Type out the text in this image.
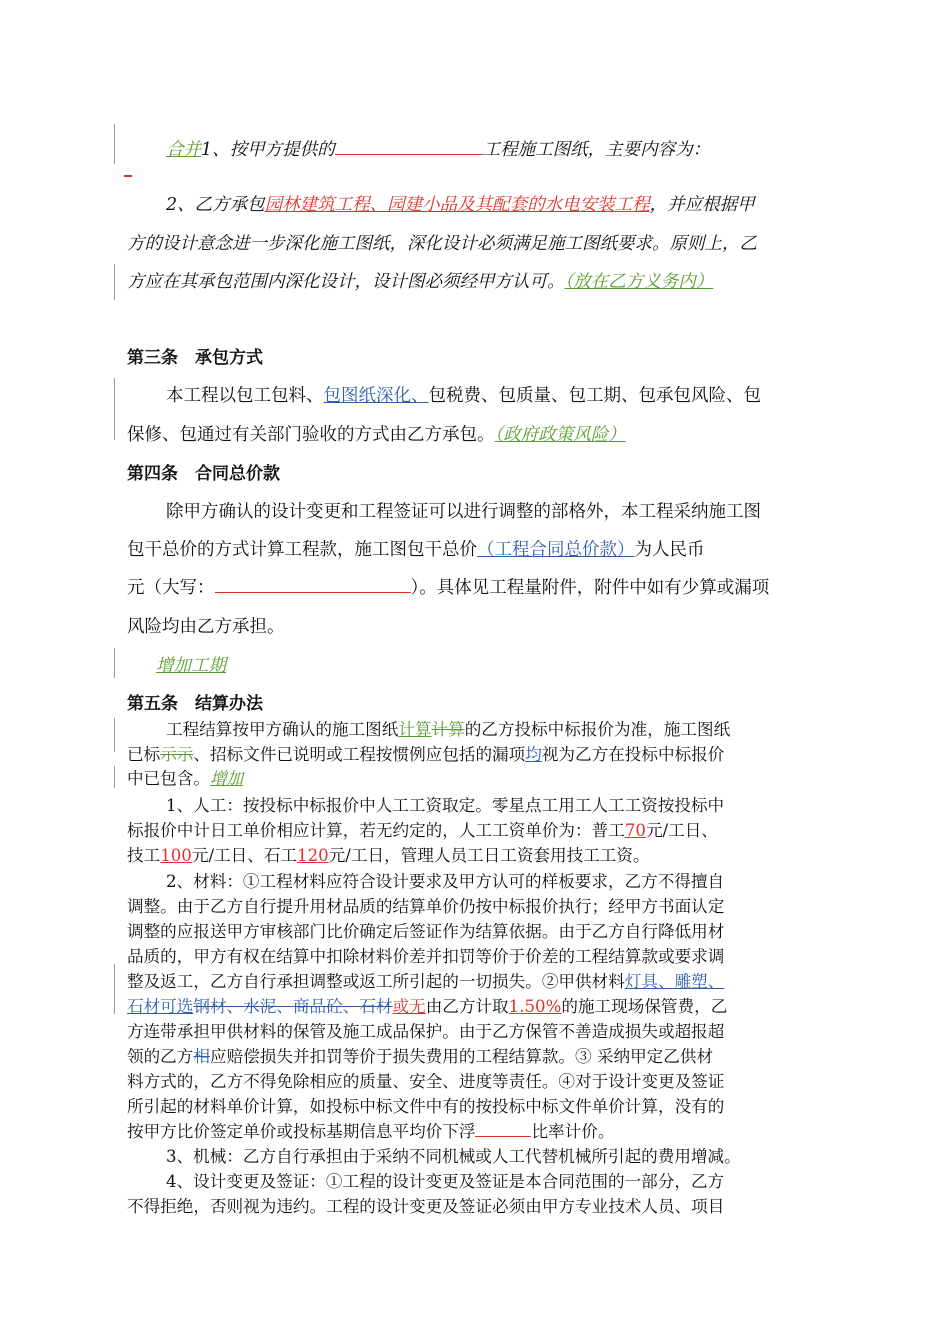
合并1、按甲方提供的	工程施工图纸，主要内容为：
2、乙方承包园林建筑工程、园建小品及其配套的水电安装工程，并应根据甲
方的设计意念进一步深化施工图纸，深化设计必须满足施工图纸要求。原则上，乙
方应在其承包范围内深化设计，设计图必须经甲方认可。（放在乙方义务内）
第三条　承包方式
本工程以包工包料、包图纸深化、包税费、包质量、包工期、包承包风险、包
保修、包通过有关部门验收的方式由乙方承包。（政府政策风险）
第四条　合同总价款
除甲方确认的设计变更和工程签证可以进行调整的部格外，本工程采纳施工图
包干总价的方式计算工程款，施工图包干总价（工程合同总价款）为人民币
元（大写：	）。具体见工程量附件，附件中如有少算或漏项
风险均由乙方承担。
增加工期
第五条　结算办法
工程结算按甲方确认的施工图纸计算计算的乙方投标中标报价为准，施工图纸
已标示示、招标文件已说明或工程按惯例应包括的漏项均视为乙方在投标中标报价
中已包含。增加
1、人工：按投标中标报价中人工工资取定。零星点工用工人工工资按投标中
标报价中计日工单价相应计算，若无约定的，人工工资单价为：普工70元/工日、
技工100元/工日、石工120元/工日，管理人员工日工资套用技工工资。
2、材料：①工程材料应符合设计要求及甲方认可的样板要求，乙方不得擅自
调整。由于乙方自行提升用材品质的结算单价仍按中标报价执行；经甲方书面认定
调整的应报送甲方审核部门比价确定后签证作为结算依据。由于乙方自行降低用材
品质的，甲方有权在结算中扣除材料价差并扣罚等价于价差的工程结算款或要求调
整及返工，乙方自行承担调整或返工所引起的一切损失。②甲供材料灯具、雕塑、
石材可选钢材、水泥、商品砼、石材或无由乙方计取1.50%的施工现场保管费，乙
方连带承担甲供材料的保管及施工成品保护。由于乙方保管不善造成损失或超报超
领的乙方相应赔偿损失并扣罚等价于损失费用的工程结算款。③ 采纳甲定乙供材
料方式的，乙方不得免除相应的质量、安全、进度等责任。④对于设计变更及签证
所引起的材料单价计算，如投标中标文件中有的按投标中标文件单价计算，没有的
按甲方比价签定单价或投标基期信息平均价下浮	比率计价。
3、机械：乙方自行承担由于采纳不同机械或人工代替机械所引起的费用增减。
4、设计变更及签证：①工程的设计变更及签证是本合同范围的一部分，乙方
不得拒绝，否则视为违约。工程的设计变更及签证必须由甲方专业技术人员、项目
